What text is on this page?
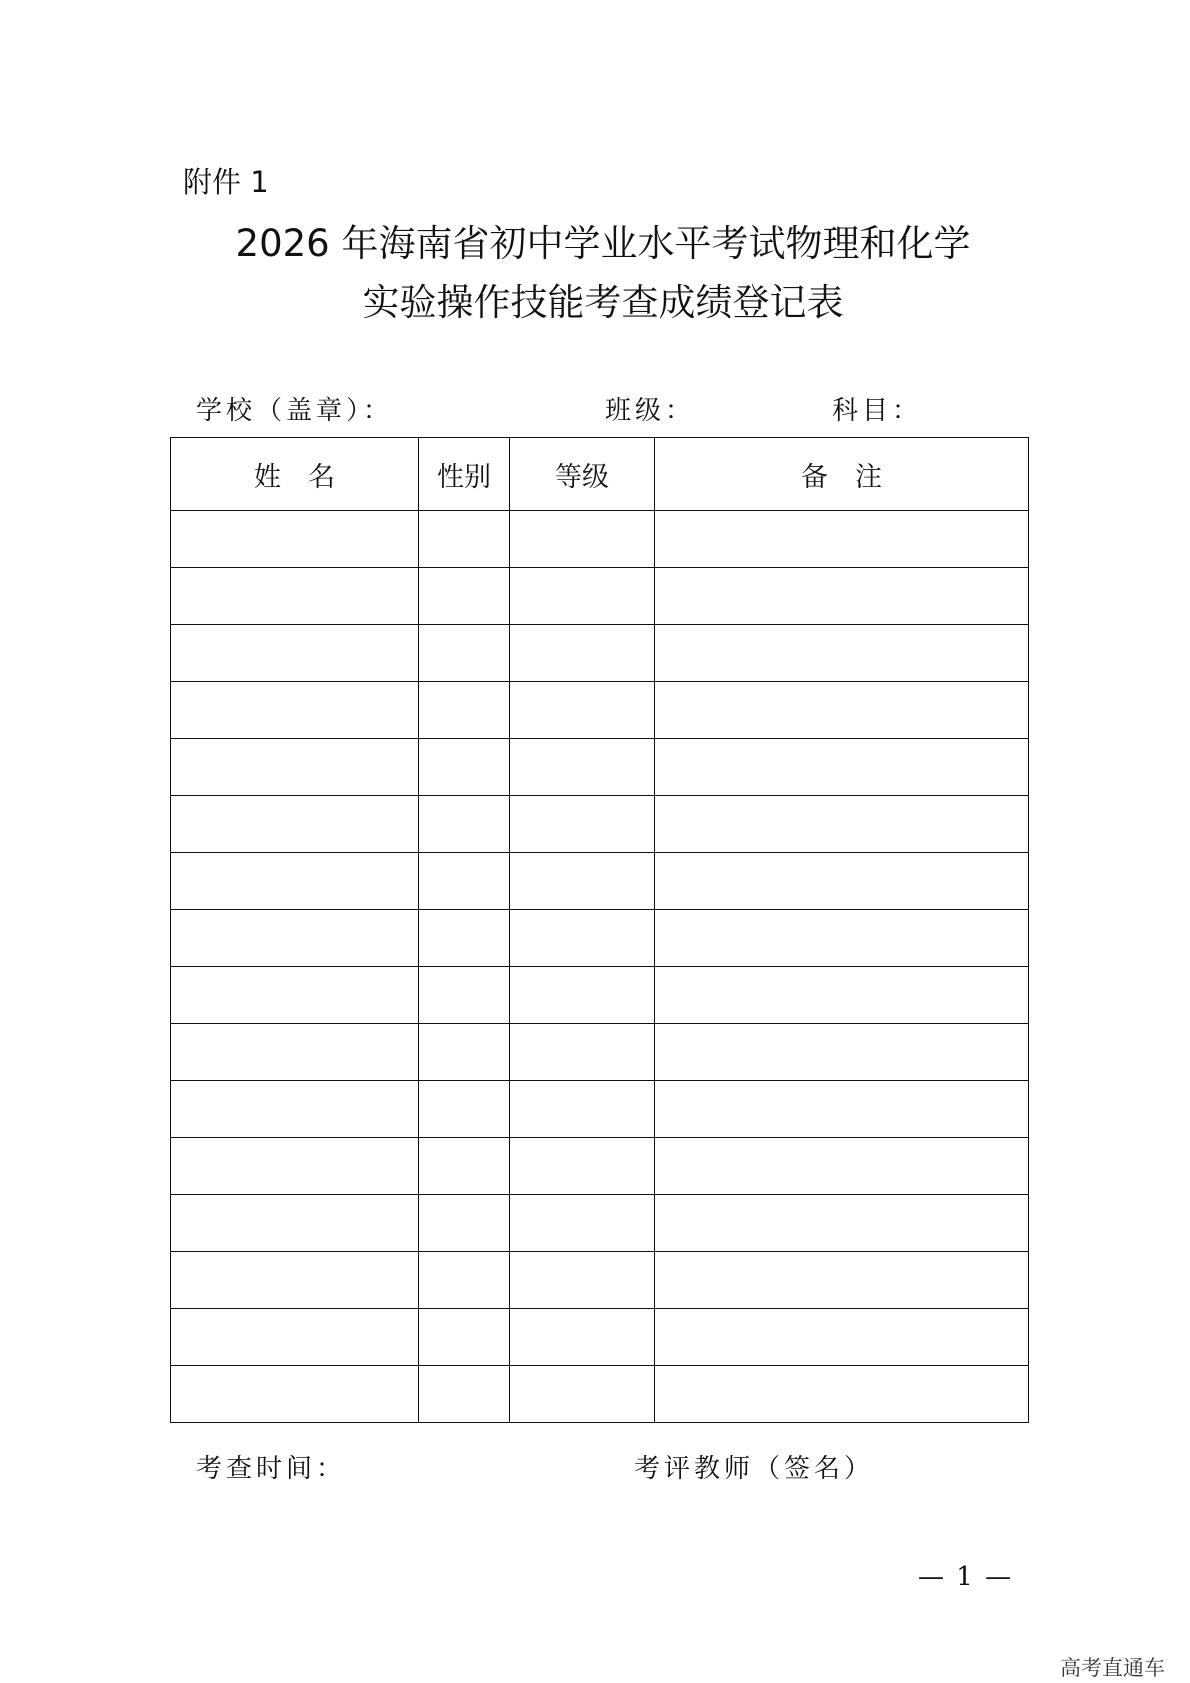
附件 1
2026 年海南省初中学业水平考试物理和化学
实验操作技能考查成绩登记表
学校（盖章）：	班级：	科目：
姓　名	性别	等级	备　注

考查时间：	考评教师（签名）
— 1 —
高考直通车
